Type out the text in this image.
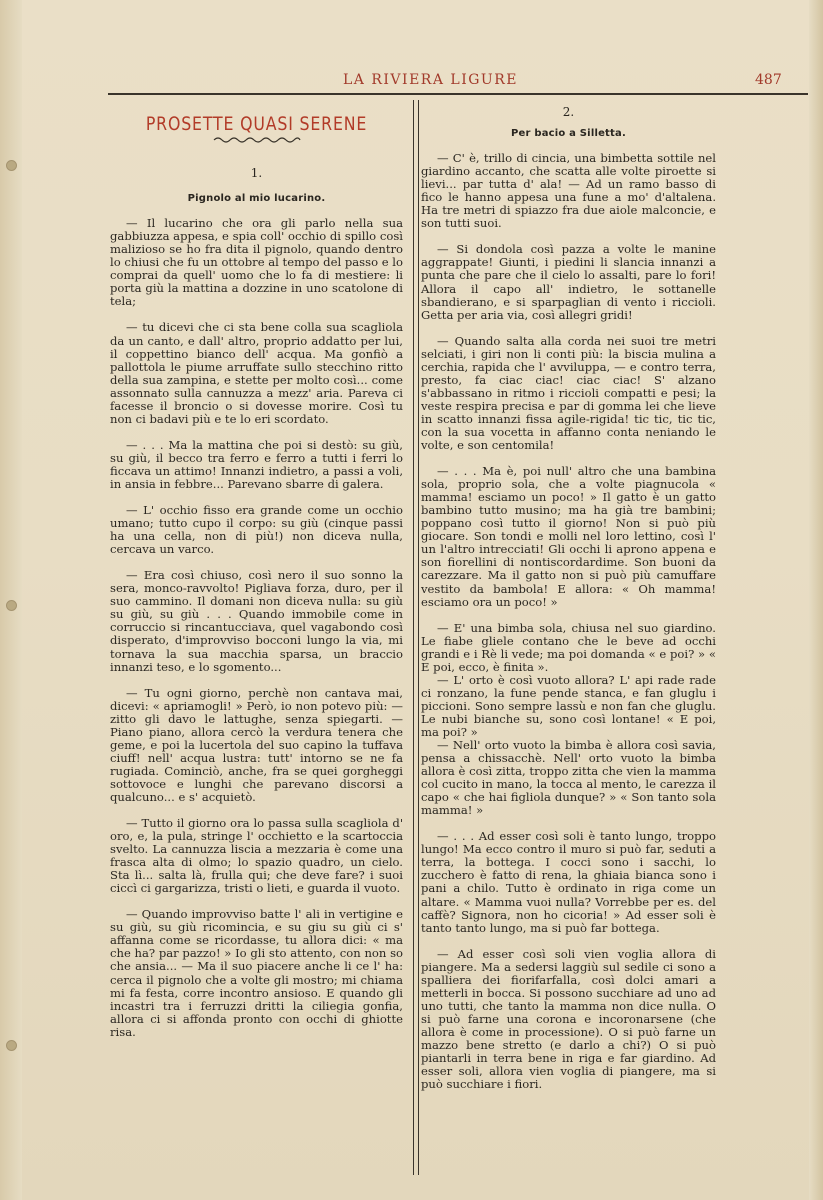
LA RIVIERA LIGURE	487
PROSETTE QUASI SERENE
1.
Pignolo al mio lucarino.

— Il lucarino che ora gli parlo nella sua gabbiuzza appesa, e spia coll' occhio di spillo così malizioso se ho fra dita il pignolo, quando dentro lo chiusi che fu un ottobre al tempo del passo e lo comprai da quell' uomo che lo fa di mestiere: li porta giù la mattina a dozzine in uno scatolone di tela;

— tu dicevi che ci sta bene colla sua scagliola da un canto, e dall' altro, proprio addatto per lui, il coppettino bianco dell' acqua. Ma gonfiò a pallottola le piume arruffate sullo stecchino ritto della sua zampina, e stette per molto così... come assonnato sulla cannuzza a mezz' aria. Pareva ci facesse il broncio o si dovesse morire. Così tu non ci badavi più e te lo eri scordato.

— . . . Ma la mattina che poi si destò: su giù, su giù, il becco tra ferro e ferro a tutti i ferri lo ficcava un attimo! Innanzi indietro, a passi a voli, in ansia in febbre... Parevano sbarre di galera.

— L' occhio fisso era grande come un occhio umano; tutto cupo il corpo: su giù (cinque passi ha una cella, non di più!) non diceva nulla, cercava un varco.

— Era così chiuso, così nero il suo sonno la sera, monco-ravvolto! Pigliava forza, duro, per il suo cammino. Il domani non diceva nulla: su giù su giù, su giù . . . Quando immobile come in corruccio si rincantucciava, quel vagabondo così disperato, d'improvviso bocconi lungo la via, mi tornava la sua macchia sparsa, un braccio innanzi teso, e lo sgomento...

— Tu ogni giorno, perchè non cantava mai, dicevi: « apriamogli! » Però, io non potevo più: — zitto gli davo le lattughe, senza spiegarti. — Piano piano, allora cercò la verdura tenera che geme, e poi la lucertola del suo capino la tuffava ciuff! nell' acqua lustra: tutt' intorno se ne fa rugiada. Cominciò, anche, fra se quei gorgheggi sottovoce e lunghi che parevano discorsi a qualcuno... e s' acquietò.

— Tutto il giorno ora lo passa sulla scagliola d' oro, e, la pula, stringe l' occhietto e la scartoccia svelto. La cannuzza liscia a mezzaria è come una frasca alta di olmo; lo spazio quadro, un cielo. Sta lì... salta là, frulla qui; che deve fare? i suoi ciccì ci gargarizza, tristi o lieti, e guarda il vuoto.

— Quando improvviso batte l' ali in vertigine e su giù, su giù ricomincia, e su giu su giù ci s' affanna come se ricordasse, tu allora dici: « ma che ha? par pazzo! » Io gli sto attento, con non so che ansia... — Ma il suo piacere anche li ce l' ha: cerca il pignolo che a volte gli mostro; mi chiama mi fa festa, corre incontro ansioso. E quando gli incastri tra i ferruzzi dritti la ciliegia gonfia, allora ci si affonda pronto con occhi di ghiotte risa.

2.
Per bacio a Silletta.

— C' è, trillo di cincia, una bimbetta sottile nel giardino accanto, che scatta alle volte piroette si lievi... par tutta d' ala! — Ad un ramo basso di fico le hanno appesa una fune a mo' d'altalena. Ha tre metri di spiazzo fra due aiole malconcie, e son tutti suoi.

— Si dondola così pazza a volte le manine aggrappate! Giunti, i piedini li slancia innanzi a punta che pare che il cielo lo assalti, pare lo fori! Allora il capo all' indietro, le sottanelle sbandierano, e si sparpaglian di vento i riccioli. Getta per aria via, così allegri gridi!

— Quando salta alla corda nei suoi tre metri selciati, i giri non li conti più: la biscia mulina a cerchia, rapida che l' avviluppa, — e contro terra, presto, fa ciac ciac! ciac ciac! S' alzano s'abbassano in ritmo i riccioli compatti e pesi; la veste respira precisa e par di gomma lei che lieve in scatto innanzi fissa agile-rigida! tic tic, tic tic, con la sua vocetta in affanno conta neniando le volte, e son centomila!

— . . . Ma è, poi null' altro che una bambina sola, proprio sola, che a volte piagnucola « mamma! esciamo un poco! » Il gatto è un gatto bambino tutto musino; ma ha già tre bambini; poppano così tutto il giorno! Non si può più giocare. Son tondi e molli nel loro lettino, così l' un l'altro intrecciati! Gli occhi li aprono appena e son fiorellini di nontiscordardime. Son buoni da carezzare. Ma il gatto non si può più camuffare vestito da bambola! E allora: « Oh mamma! esciamo ora un poco! »

— E' una bimba sola, chiusa nel suo giardino. Le fiabe gliele contano che le beve ad occhi grandi e i Rè li vede; ma poi domanda « e poi? » « E poi, ecco, è finita ».

— L' orto è così vuoto allora? L' api rade rade ci ronzano, la fune pende stanca, e fan gluglu i piccioni. Sono sempre lassù e non fan che gluglu. Le nubi bianche su, sono così lontane! « E poi, ma poi? »

— Nell' orto vuoto la bimba è allora così savia, pensa a chissacchè. Nell' orto vuoto la bimba allora è così zitta, troppo zitta che vien la mamma col cucito in mano, la tocca al mento, le carezza il capo « che hai figliola dunque? » « Son tanto sola mamma! »

— . . . Ad esser così soli è tanto lungo, troppo lungo! Ma ecco contro il muro si può far, seduti a terra, la bottega. I cocci sono i sacchi, lo zucchero è fatto di rena, la ghiaia bianca sono i pani a chilo. Tutto è ordinato in riga come un altare. « Mamma vuoi nulla? Vorrebbe per es. del caffè? Signora, non ho cicoria! » Ad esser soli è tanto tanto lungo, ma si può far bottega.

— Ad esser così soli vien voglia allora di piangere. Ma a sedersi laggiù sul sedile ci sono a spalliera dei fiorifarfalla, così dolci amari a metterli in bocca. Si possono succhiare ad uno ad uno tutti, che tanto la mamma non dice nulla. O si può farne una corona e incoronarsene (che allora è come in processione). O si può farne un mazzo bene stretto (e darlo a chi?) O si può piantarli in terra bene in riga e far giardino. Ad esser soli, allora vien voglia di piangere, ma si può succhiare i fiori.
